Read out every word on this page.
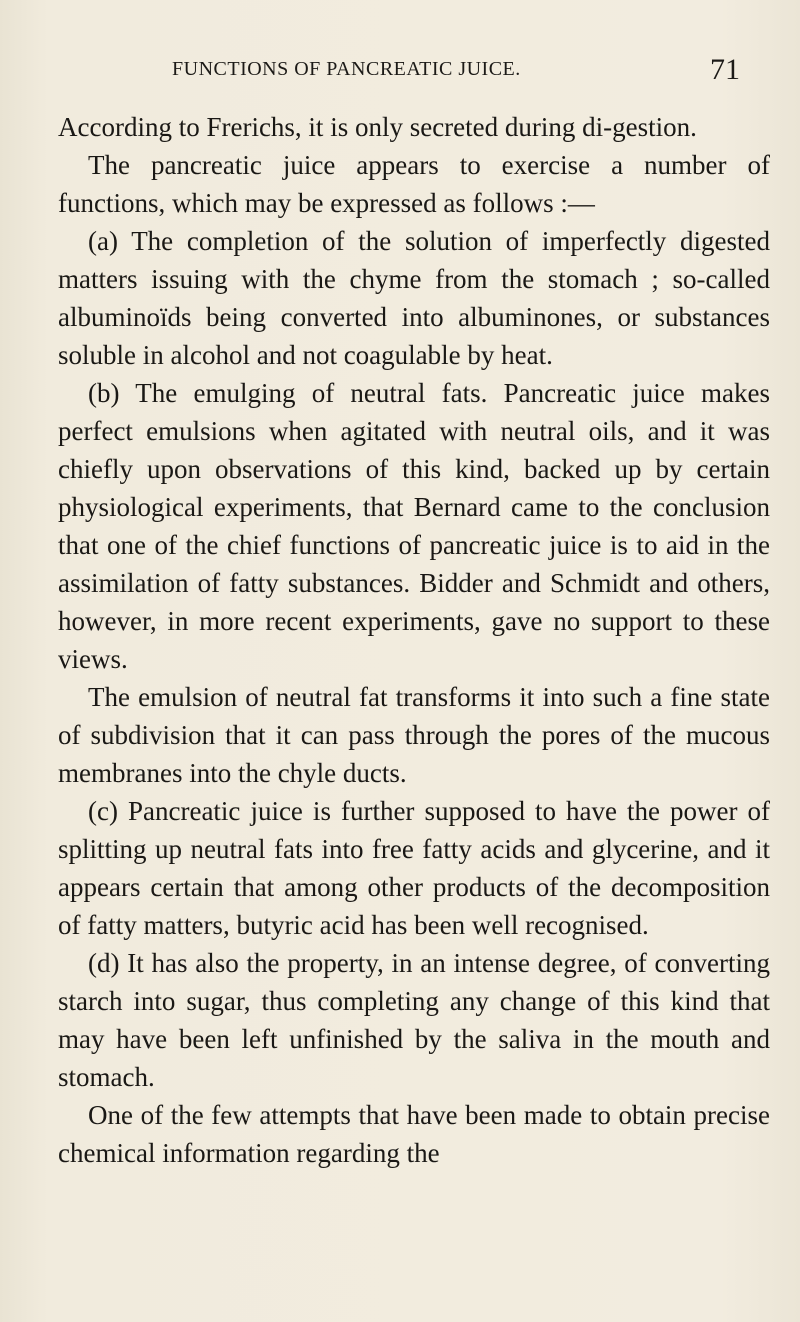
FUNCTIONS OF PANCREATIC JUICE.	71

According to Frerichs, it is only secreted during di-gestion.

The pancreatic juice appears to exercise a number of functions, which may be expressed as follows :—

(a) The completion of the solution of imperfectly digested matters issuing with the chyme from the stomach ; so-called albuminoïds being converted into albuminones, or substances soluble in alcohol and not coagulable by heat.

(b) The emulging of neutral fats. Pancreatic juice makes perfect emulsions when agitated with neutral oils, and it was chiefly upon observations of this kind, backed up by certain physiological experiments, that Bernard came to the conclusion that one of the chief functions of pancreatic juice is to aid in the assimilation of fatty substances. Bidder and Schmidt and others, however, in more recent experiments, gave no support to these views.

The emulsion of neutral fat transforms it into such a fine state of subdivision that it can pass through the pores of the mucous membranes into the chyle ducts.

(c) Pancreatic juice is further supposed to have the power of splitting up neutral fats into free fatty acids and glycerine, and it appears certain that among other products of the decomposition of fatty matters, butyric acid has been well recognised.

(d) It has also the property, in an intense degree, of converting starch into sugar, thus completing any change of this kind that may have been left unfinished by the saliva in the mouth and stomach.

One of the few attempts that have been made to obtain precise chemical information regarding the
